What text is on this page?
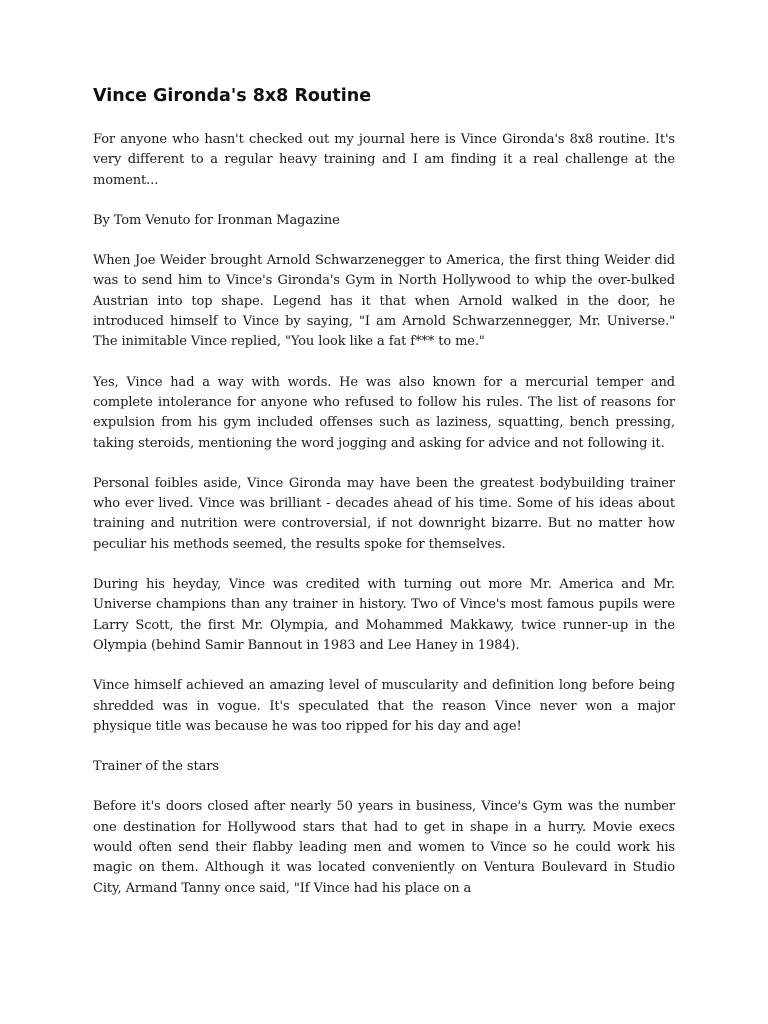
Vince Gironda's 8x8 Routine

For anyone who hasn't checked out my journal here is Vince Gironda's 8x8 routine. It's very different to a regular heavy training and I am finding it a real challenge at the moment...

By Tom Venuto for Ironman Magazine

When Joe Weider brought Arnold Schwarzenegger to America, the first thing Weider did was to send him to Vince's Gironda's Gym in North Hollywood to whip the over-bulked Austrian into top shape. Legend has it that when Arnold walked in the door, he introduced himself to Vince by saying, "I am Arnold Schwarzennegger, Mr. Universe." The inimitable Vince replied, "You look like a fat f*** to me."

Yes, Vince had a way with words. He was also known for a mercurial temper and complete intolerance for anyone who refused to follow his rules. The list of reasons for expulsion from his gym included offenses such as laziness, squatting, bench pressing, taking steroids, mentioning the word jogging and asking for advice and not following it.

Personal foibles aside, Vince Gironda may have been the greatest bodybuilding trainer who ever lived. Vince was brilliant - decades ahead of his time. Some of his ideas about training and nutrition were controversial, if not downright bizarre. But no matter how peculiar his methods seemed, the results spoke for themselves.

During his heyday, Vince was credited with turning out more Mr. America and Mr. Universe champions than any trainer in history. Two of Vince's most famous pupils were Larry Scott, the first Mr. Olympia, and Mohammed Makkawy, twice runner-up in the Olympia (behind Samir Bannout in 1983 and Lee Haney in 1984).

Vince himself achieved an amazing level of muscularity and definition long before being shredded was in vogue. It's speculated that the reason Vince never won a major physique title was because he was too ripped for his day and age!

Trainer of the stars

Before it's doors closed after nearly 50 years in business, Vince's Gym was the number one destination for Hollywood stars that had to get in shape in a hurry. Movie execs would often send their flabby leading men and women to Vince so he could work his magic on them. Although it was located conveniently on Ventura Boulevard in Studio City, Armand Tanny once said, "If Vince had his place on a
